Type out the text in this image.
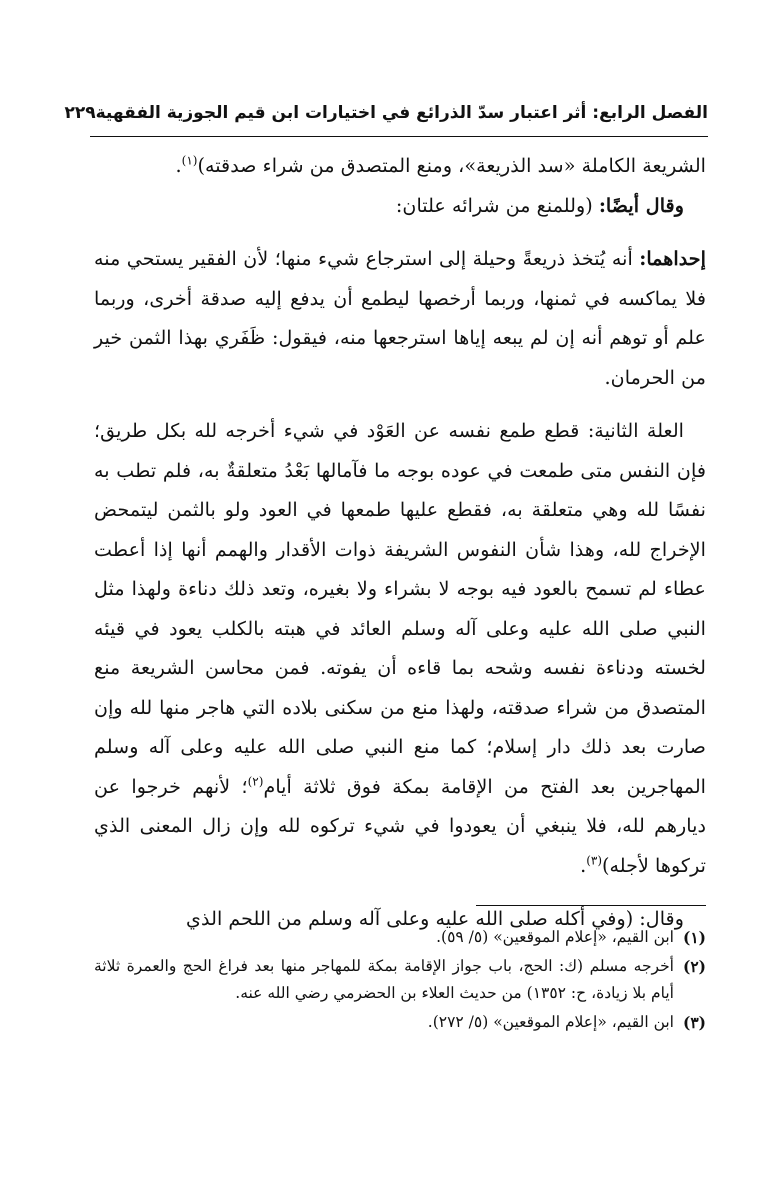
الفصل الرابع: أثر اعتبار سدّ الذرائع في اختيارات ابن قيم الجوزية الفقهية
٢٢٩

الشريعة الكاملة «سد الذريعة»، ومنع المتصدق من شراء صدقته)$^{(١)}$.

وقال أيضًا: (وللمنع من شرائه علتان:

إحداهما: أنه يُتخذ ذريعةً وحيلة إلى استرجاع شيء منها؛ لأن الفقير يستحي منه فلا يماكسه في ثمنها، وربما أرخصها ليطمع أن يدفع إليه صدقة أخرى، وربما علم أو توهم أنه إن لم يبعه إياها استرجعها منه، فيقول: ظَفَري بهذا الثمن خير من الحرمان.

العلة الثانية: قطع طمع نفسه عن العَوْد في شيء أخرجه لله بكل طريق؛ فإن النفس متى طمعت في عوده بوجه ما فآمالها بَعْدُ متعلقةٌ به، فلم تطب به نفسًا لله وهي متعلقة به، فقطع عليها طمعها في العود ولو بالثمن ليتمحض الإخراج لله، وهذا شأن النفوس الشريفة ذوات الأقدار والهمم أنها إذا أعطت عطاء لم تسمح بالعود فيه بوجه لا بشراء ولا بغيره، وتعد ذلك دناءة ولهذا مثل النبي صلى الله عليه وعلى آله وسلم العائد في هبته بالكلب يعود في قيئه لخسته ودناءة نفسه وشحه بما قاءه أن يفوته. فمن محاسن الشريعة منع المتصدق من شراء صدقته، ولهذا منع من سكنى بلاده التي هاجر منها لله وإن صارت بعد ذلك دار إسلام؛ كما منع النبي صلى الله عليه وعلى آله وسلم المهاجرين بعد الفتح من الإقامة بمكة فوق ثلاثة أيام$^{(٢)}$؛ لأنهم خرجوا عن ديارهم لله، فلا ينبغي أن يعودوا في شيء تركوه لله وإن زال المعنى الذي تركوها لأجله)$^{(٣)}$.

وقال: (وفي أكله صلى الله عليه وعلى آله وسلم من اللحم الذي

(١)
ابن القيم، «إعلام الموقعين» (٥/ ٥٩).
(٢)
أخرجه مسلم (ك: الحج، باب جواز الإقامة بمكة للمهاجر منها بعد فراغ الحج والعمرة ثلاثة أيام بلا زيادة، ح: ١٣٥٢) من حديث العلاء بن الحضرمي رضي الله عنه.
(٣)
ابن القيم، «إعلام الموقعين» (٥/ ٢٧٢).
